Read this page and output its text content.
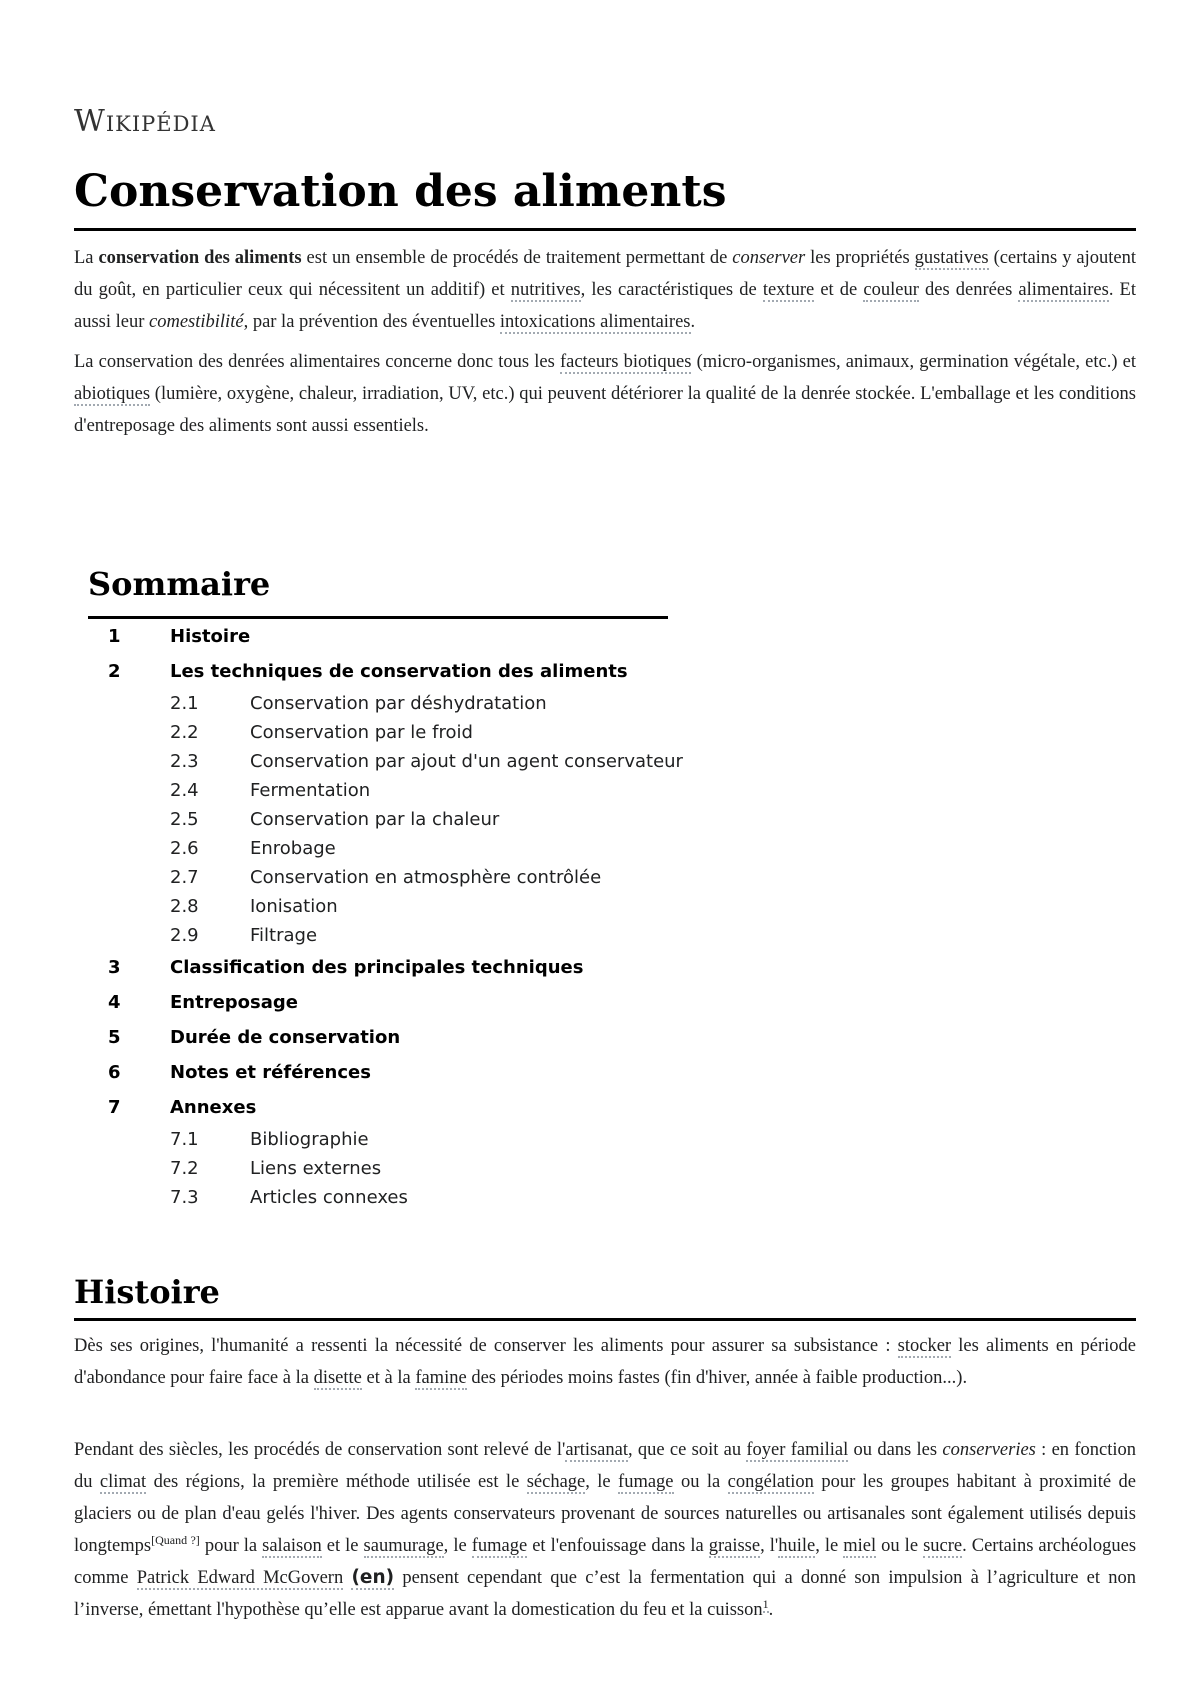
Wikipédia
Conservation des aliments

La conservation des aliments est un ensemble de procédés de traitement permettant de conserver les propriétés gustatives (certains y ajoutent du goût, en particulier ceux qui nécessitent un additif) et nutritives, les caractéristiques de texture et de couleur des denrées alimentaires. Et aussi leur comestibilité, par la prévention des éventuelles intoxications alimentaires.

La conservation des denrées alimentaires concerne donc tous les facteurs biotiques (micro-organismes, animaux, germination végétale, etc.) et abiotiques (lumière, oxygène, chaleur, irradiation, UV, etc.) qui peuvent détériorer la qualité de la denrée stockée. L'emballage et les conditions d'entreposage des aliments sont aussi essentiels.

Sommaire
1	Histoire
2	Les techniques de conservation des aliments
2.1	Conservation par déshydratation
2.2	Conservation par le froid
2.3	Conservation par ajout d'un agent conservateur
2.4	Fermentation
2.5	Conservation par la chaleur
2.6	Enrobage
2.7	Conservation en atmosphère contrôlée
2.8	Ionisation
2.9	Filtrage
3	Classification des principales techniques
4	Entreposage
5	Durée de conservation
6	Notes et références
7	Annexes
7.1	Bibliographie
7.2	Liens externes
7.3	Articles connexes
Histoire

Dès ses origines, l'humanité a ressenti la nécessité de conserver les aliments pour assurer sa subsistance : stocker les aliments en période d'abondance pour faire face à la disette et à la famine des périodes moins fastes (fin d'hiver, année à faible production...).

Pendant des siècles, les procédés de conservation sont relevé de l'artisanat, que ce soit au foyer familial ou dans les conserveries : en fonction du climat des régions, la première méthode utilisée est le séchage, le fumage ou la congélation pour les groupes habitant à proximité de glaciers ou de plan d'eau gelés l'hiver. Des agents conservateurs provenant de sources naturelles ou artisanales sont également utilisés depuis longtemps[Quand ?] pour la salaison et le saumurage, le fumage et l'enfouissage dans la graisse, l'huile, le miel ou le sucre. Certains archéologues comme Patrick Edward McGovern (en) pensent cependant que c’est la fermentation qui a donné son impulsion à l’agriculture et non l’inverse, émettant l'hypothèse qu’elle est apparue avant la domestication du feu et la cuisson$^1$.
